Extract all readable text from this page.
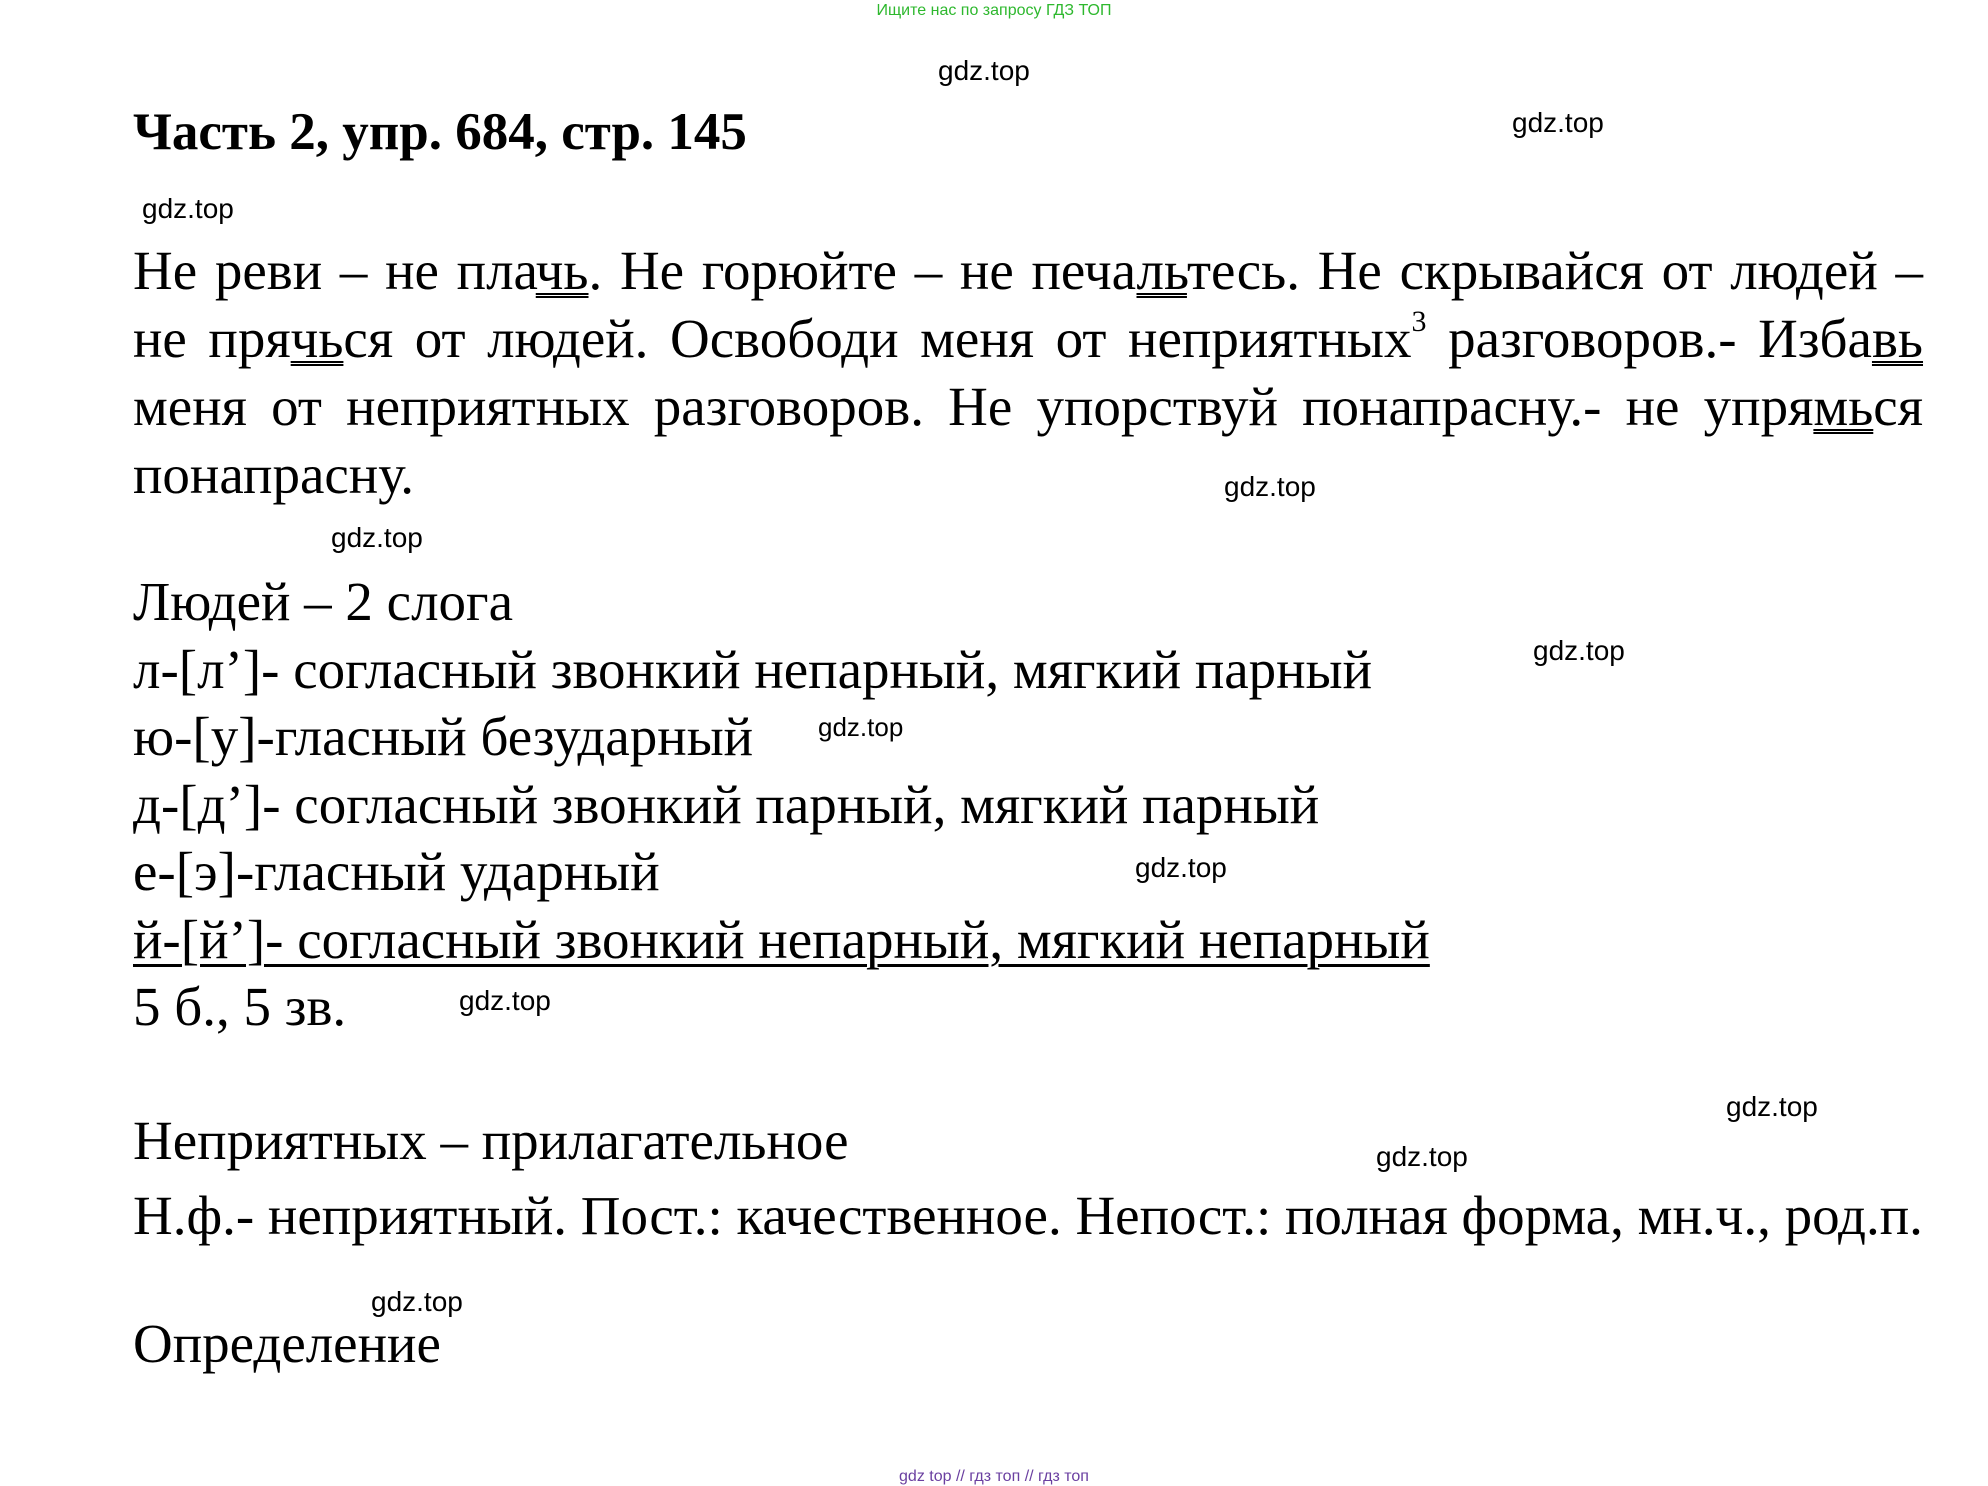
Ищите нас по запросу ГДЗ ТОП
gdz.top
gdz.top
gdz.top
gdz.top
gdz.top
gdz.top
gdz.top
gdz.top
gdz.top
gdz.top
gdz.top
gdz.top
Часть 2, упр. 684, стр. 145
Не реви – не плачь. Не горюйте – не печальтесь. Не скрывайся от людей – не прячься от людей. Освободи меня от неприятных$^3$ разговоров.- Избавь меня от неприятных разговоров. Не упорствуй понапрасну.- не упрямься понапрасну.
Людей – 2 слога
л-[л’]- согласный звонкий непарный, мягкий парный
ю-[у]-гласный безударный
д-[д’]- согласный звонкий парный, мягкий парный
е-[э]-гласный ударный
й-[й’]- согласный звонкий непарный, мягкий непарный
5 б., 5 зв.
Неприятных – прилагательное
Н.ф.- неприятный. Пост.: качественное. Непост.: полная форма, мн.ч., род.п.
Определение
gdz top // гдз топ // гдз топ
